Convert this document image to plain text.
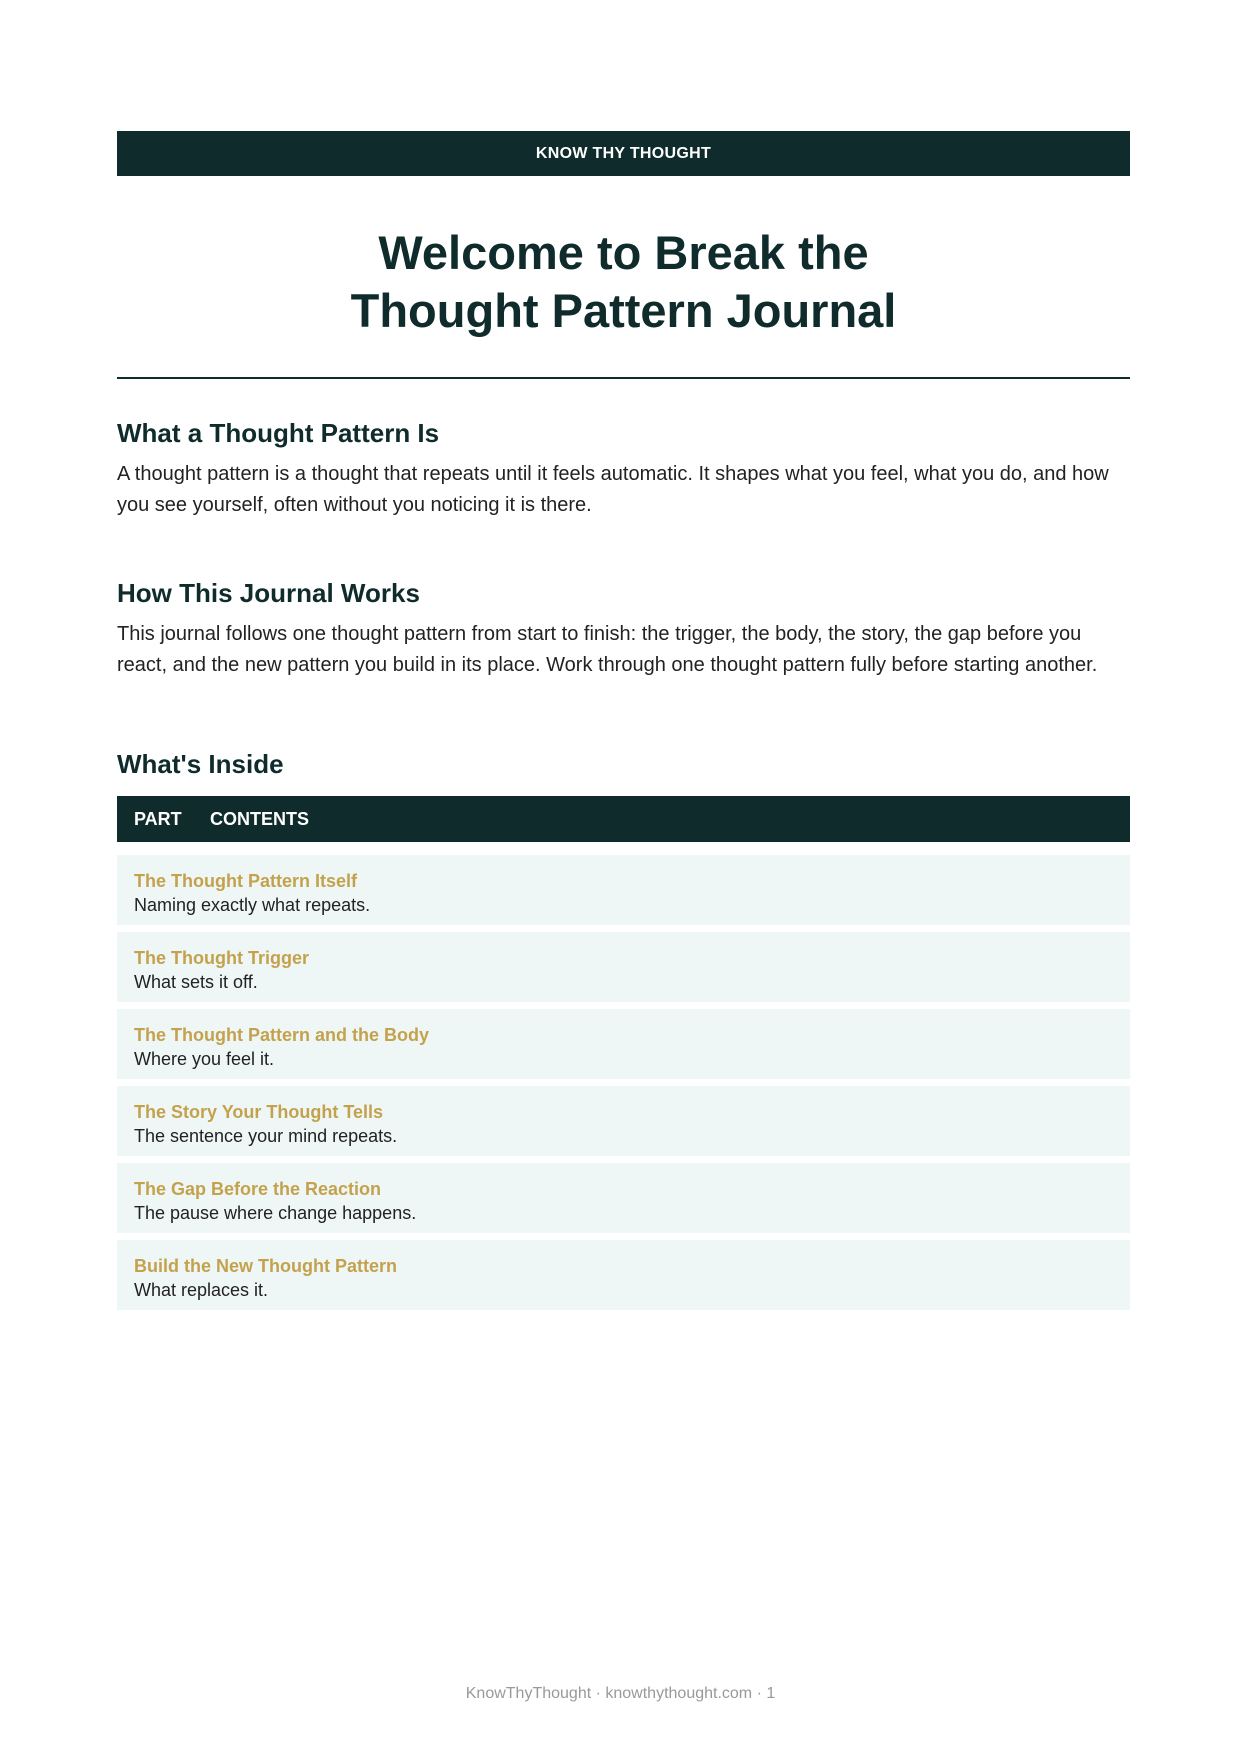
KNOW THY THOUGHT
Welcome to Break the
Thought Pattern Journal
What a Thought Pattern Is

A thought pattern is a thought that repeats until it feels automatic. It shapes what you feel, what you do, and how you see yourself, often without you noticing it is there.

How This Journal Works

This journal follows one thought pattern from start to finish: the trigger, the body, the story, the gap before you react, and the new pattern you build in its place. Work through one thought pattern fully before starting another.

What's Inside
PART	CONTENTS
The Thought Pattern Itself
Naming exactly what repeats.
The Thought Trigger
What sets it off.
The Thought Pattern and the Body
Where you feel it.
The Story Your Thought Tells
The sentence your mind repeats.
The Gap Before the Reaction
The pause where change happens.
Build the New Thought Pattern
What replaces it.
KnowThyThought · knowthythought.com · 1
